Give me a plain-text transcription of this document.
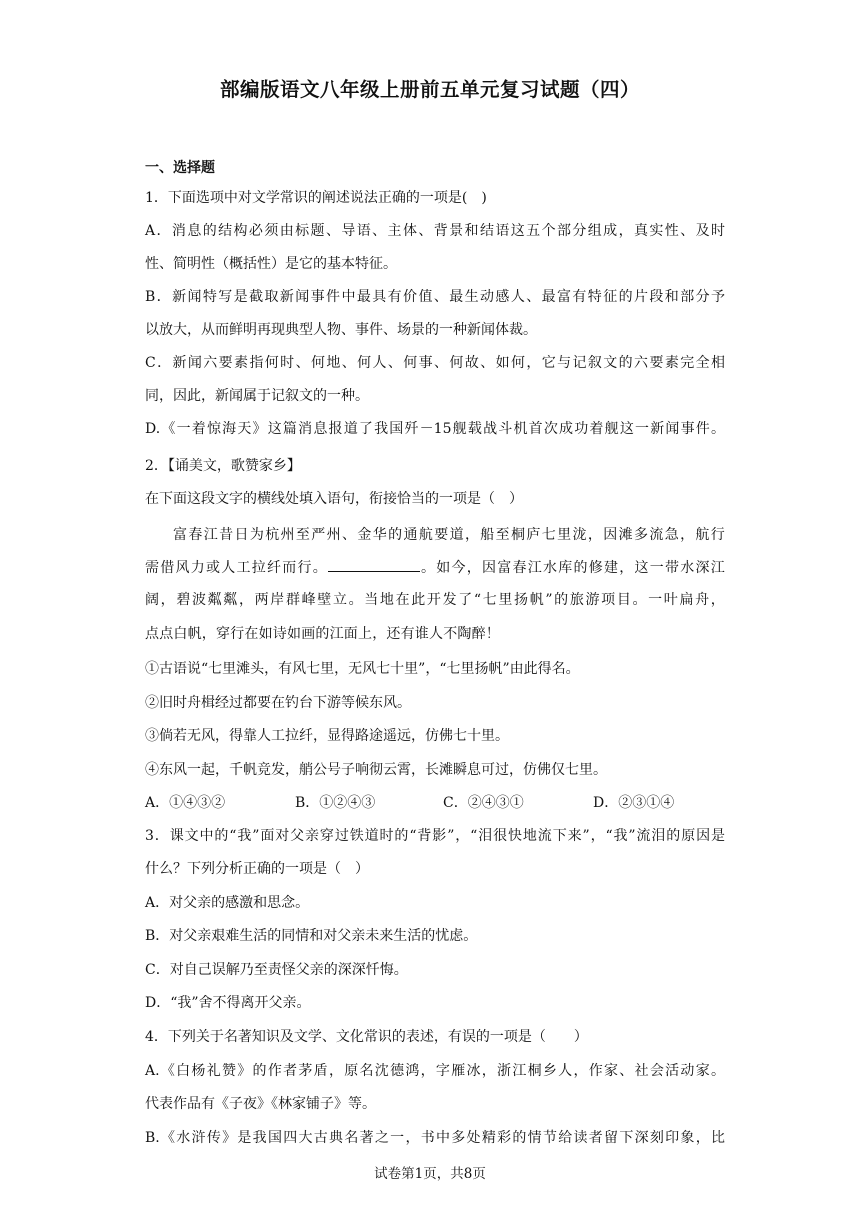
部编版语文八年级上册前五单元复习试题（四）
一、选择题
1．下面选项中对文学常识的阐述说法正确的一项是(　)
A．消息的结构必须由标题、导语、主体、背景和结语这五个部分组成，真实性、及时
性、简明性（概括性）是它的基本特征。
B．新闻特写是截取新闻事件中最具有价值、最生动感人、最富有特征的片段和部分予
以放大，从而鲜明再现典型人物、事件、场景的一种新闻体裁。
C．新闻六要素指何时、何地、何人、何事、何故、如何，它与记叙文的六要素完全相
同，因此，新闻属于记叙文的一种。
D.《一着惊海天》这篇消息报道了我国歼－15舰载战斗机首次成功着舰这一新闻事件。
2．【诵美文，歌赞家乡】
在下面这段文字的横线处填入语句，衔接恰当的一项是（　）
富春江昔日为杭州至严州、金华的通航要道，船至桐庐七里泷，因滩多流急，航行
需借风力或人工拉纤而行。	。如今，因富春江水库的修建，这一带水深江
阔，碧波粼粼，两岸群峰壁立。当地在此开发了“七里扬帆”的旅游项目。一叶扁舟，
点点白帆，穿行在如诗如画的江面上，还有谁人不陶醉！
①古语说“七里滩头，有风七里，无风七十里”，“七里扬帆”由此得名。
②旧时舟楫经过都要在钓台下游等候东风。
③倘若无风，得靠人工拉纤，显得路途遥远，仿佛七十里。
④东风一起，千帆竞发，艄公号子响彻云霄，长滩瞬息可过，仿佛仅七里。
A．①④③②	B．①②④③	C．②④③①	D．②③①④
3．课文中的“我”面对父亲穿过铁道时的“背影”，“泪很快地流下来”，“我”流泪的原因是
什么？下列分析正确的一项是（　）
A．对父亲的感激和思念。
B．对父亲艰难生活的同情和对父亲未来生活的忧虑。
C．对自己误解乃至责怪父亲的深深忏悔。
D．“我”舍不得离开父亲。
4．下列关于名著知识及文学、文化常识的表述，有误的一项是（　　）
A.《白杨礼赞》的作者茅盾，原名沈德鸿，字雁冰，浙江桐乡人，作家、社会活动家。
代表作品有《子夜》《林家铺子》等。
B.《水浒传》是我国四大古典名著之一，书中多处精彩的情节给读者留下深刻印象，比
试卷第1页，共8页
